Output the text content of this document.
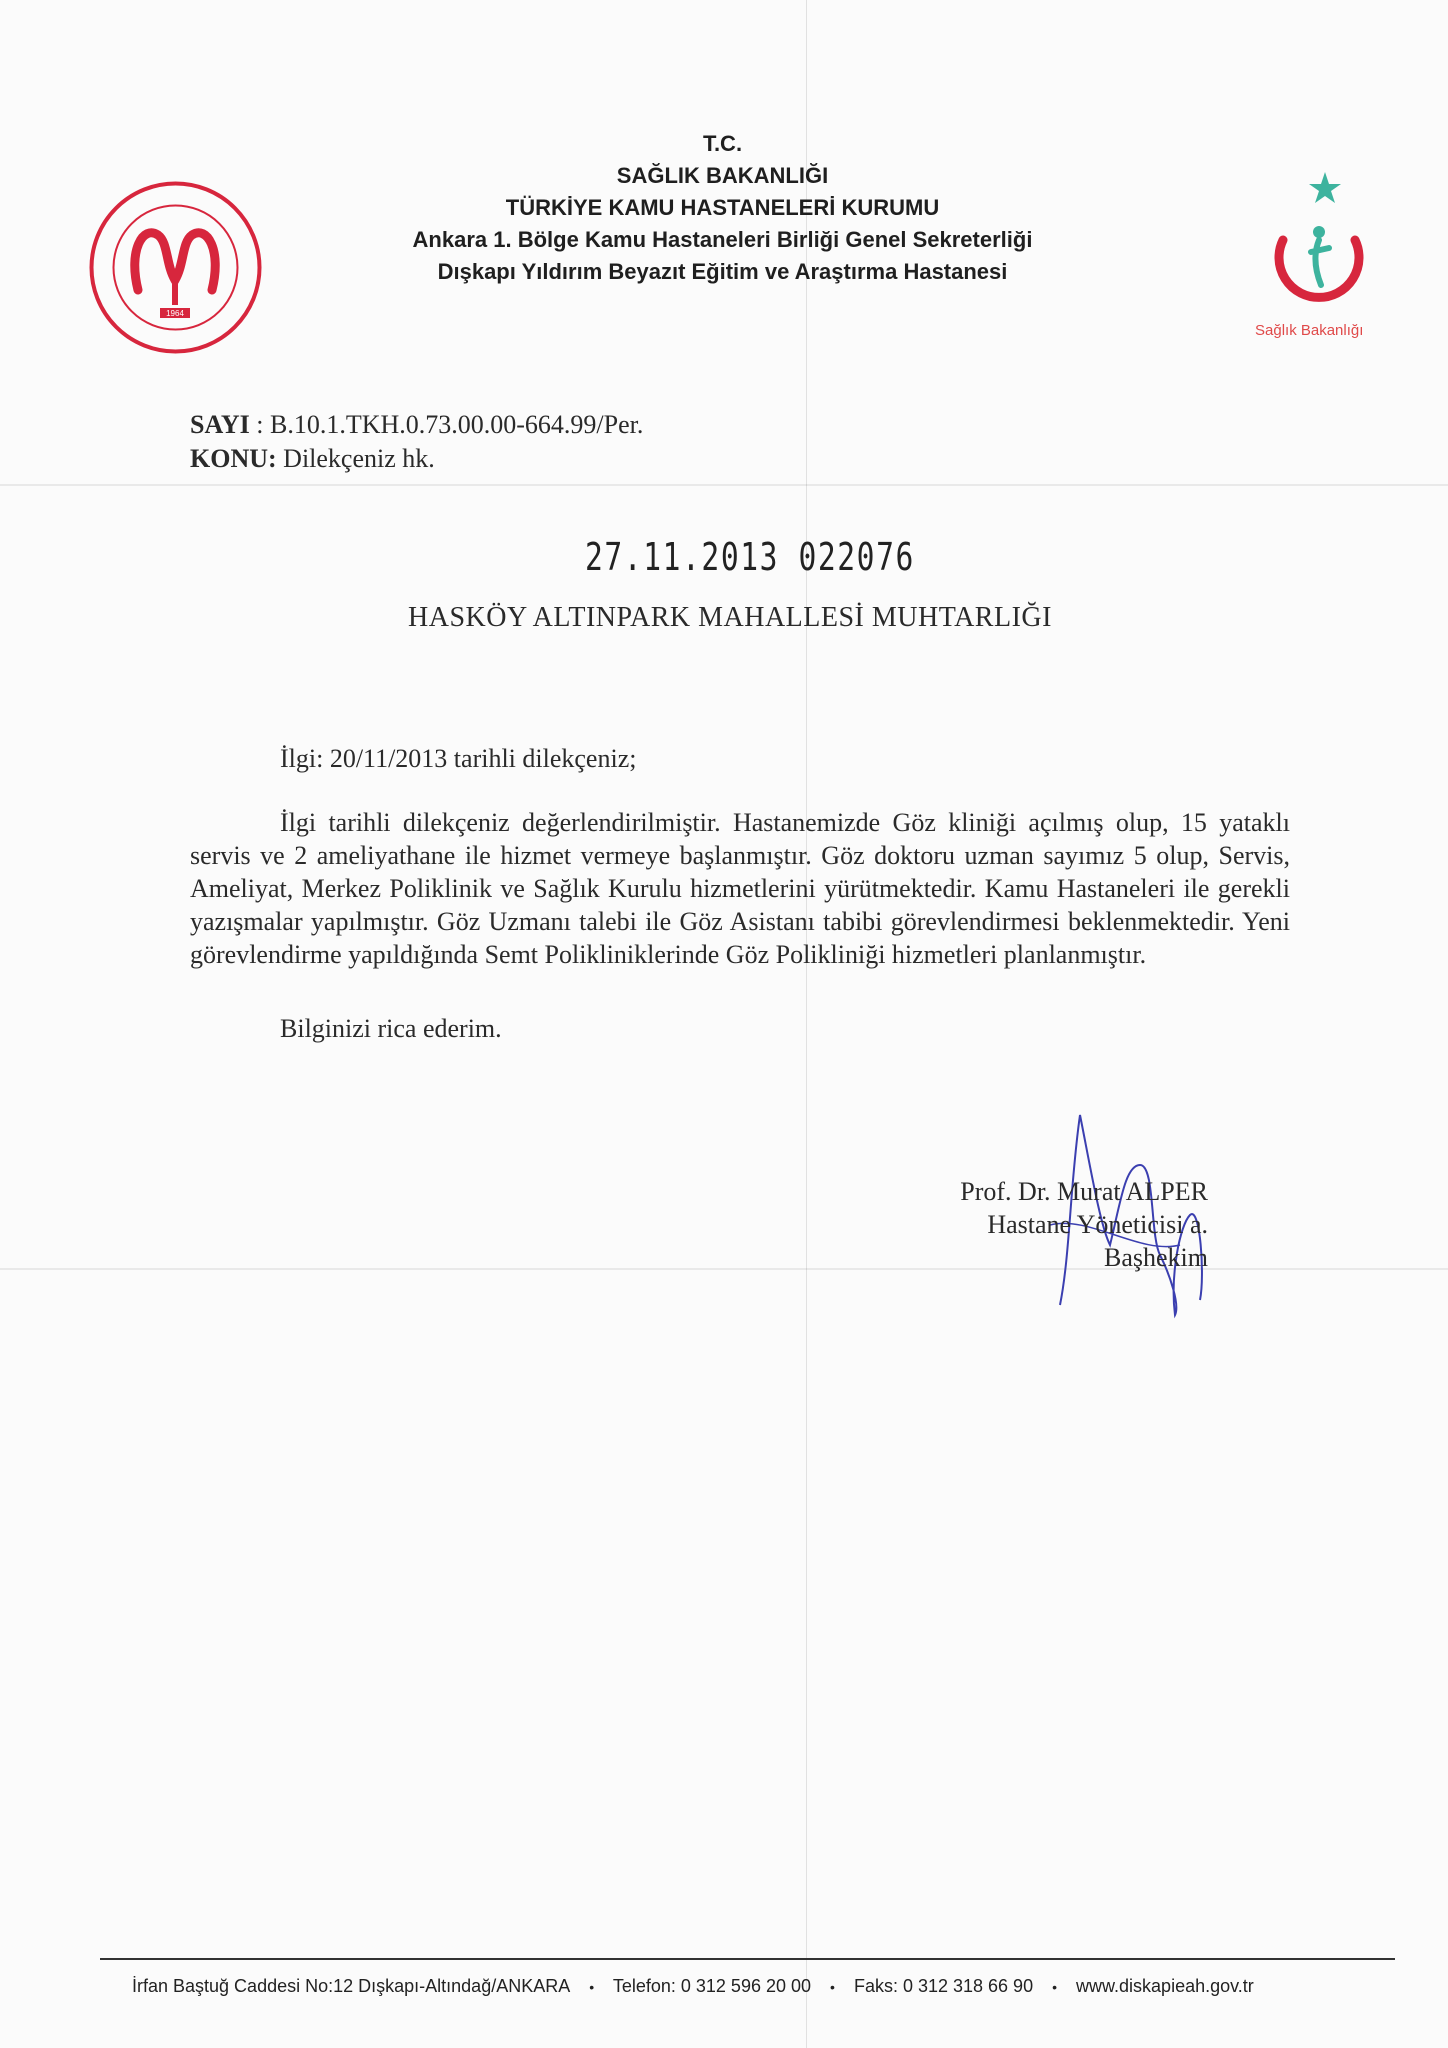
1964
T.C.
SAĞLIK BAKANLIĞI
TÜRKİYE KAMU HASTANELERİ KURUMU
Ankara 1. Bölge Kamu Hastaneleri Birliği Genel Sekreterliği
Dışkapı Yıldırım Beyazıt Eğitim ve Araştırma Hastanesi
Sağlık Bakanlığı
SAYI : B.10.1.TKH.0.73.00.00-664.99/Per.
KONU: Dilekçeniz hk.
27.11.2013 022076
HASKÖY ALTINPARK MAHALLESİ MUHTARLIĞI
İlgi: 20/11/2013 tarihli dilekçeniz;
İlgi tarihli dilekçeniz değerlendirilmiştir. Hastanemizde Göz kliniği açılmış olup, 15 yataklı servis ve 2 ameliyathane ile hizmet vermeye başlanmıştır. Göz doktoru uzman sayımız 5 olup, Servis, Ameliyat, Merkez Poliklinik ve Sağlık Kurulu hizmetlerini yürütmektedir. Kamu Hastaneleri ile gerekli yazışmalar yapılmıştır. Göz Uzmanı talebi ile Göz Asistanı tabibi görevlendirmesi beklenmektedir. Yeni görevlendirme yapıldığında Semt Polikliniklerinde Göz Polikliniği hizmetleri planlanmıştır.
Bilginizi rica ederim.
Prof. Dr. Murat ALPER
Hastane Yöneticisi a.
Başhekim
İrfan Baştuğ Caddesi No:12 Dışkapı-Altındağ/ANKARA • Telefon: 0 312 596 20 00 • Faks: 0 312 318 66 90 • www.diskapieah.gov.tr
